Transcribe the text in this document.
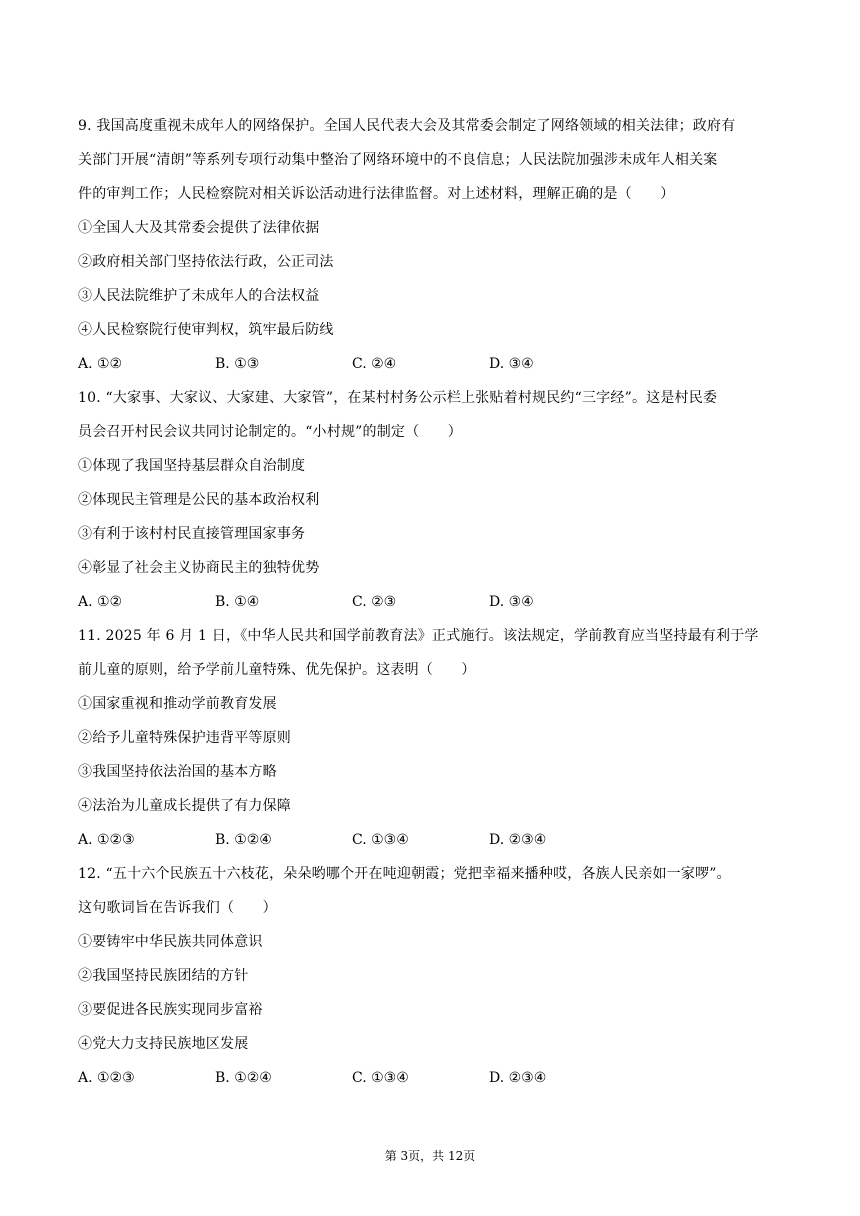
9. 我国高度重视未成年人的网络保护。全国人民代表大会及其常委会制定了网络领域的相关法律；政府有
关部门开展“清朗”等系列专项行动集中整治了网络环境中的不良信息；人民法院加强涉未成年人相关案
件的审判工作；人民检察院对相关诉讼活动进行法律监督。对上述材料，理解正确的是（　　）
①全国人大及其常委会提供了法律依据
②政府相关部门坚持依法行政，公正司法
③人民法院维护了未成年人的合法权益
④人民检察院行使审判权，筑牢最后防线
A. ①②	B. ①③	C. ②④	D. ③④
10. “大家事、大家议、大家建、大家管”，在某村村务公示栏上张贴着村规民约“三字经”。这是村民委
员会召开村民会议共同讨论制定的。“小村规”的制定（　　）
①体现了我国坚持基层群众自治制度
②体现民主管理是公民的基本政治权利
③有利于该村村民直接管理国家事务
④彰显了社会主义协商民主的独特优势
A. ①②	B. ①④	C. ②③	D. ③④
11. 2025 年 6 月 1 日，《中华人民共和国学前教育法》正式施行。该法规定，学前教育应当坚持最有利于学
前儿童的原则，给予学前儿童特殊、优先保护。这表明（　　）
①国家重视和推动学前教育发展
②给予儿童特殊保护违背平等原则
③我国坚持依法治国的基本方略
④法治为儿童成长提供了有力保障
A. ①②③	B. ①②④	C. ①③④	D. ②③④
12. “五十六个民族五十六枝花，朵朵哟哪个开在吨迎朝霞；党把幸福来播种哎，各族人民亲如一家啰”。
这句歌词旨在告诉我们（　　）
①要铸牢中华民族共同体意识
②我国坚持民族团结的方针
③要促进各民族实现同步富裕
④党大力支持民族地区发展
A. ①②③	B. ①②④	C. ①③④	D. ②③④
第 3页，共 12页
